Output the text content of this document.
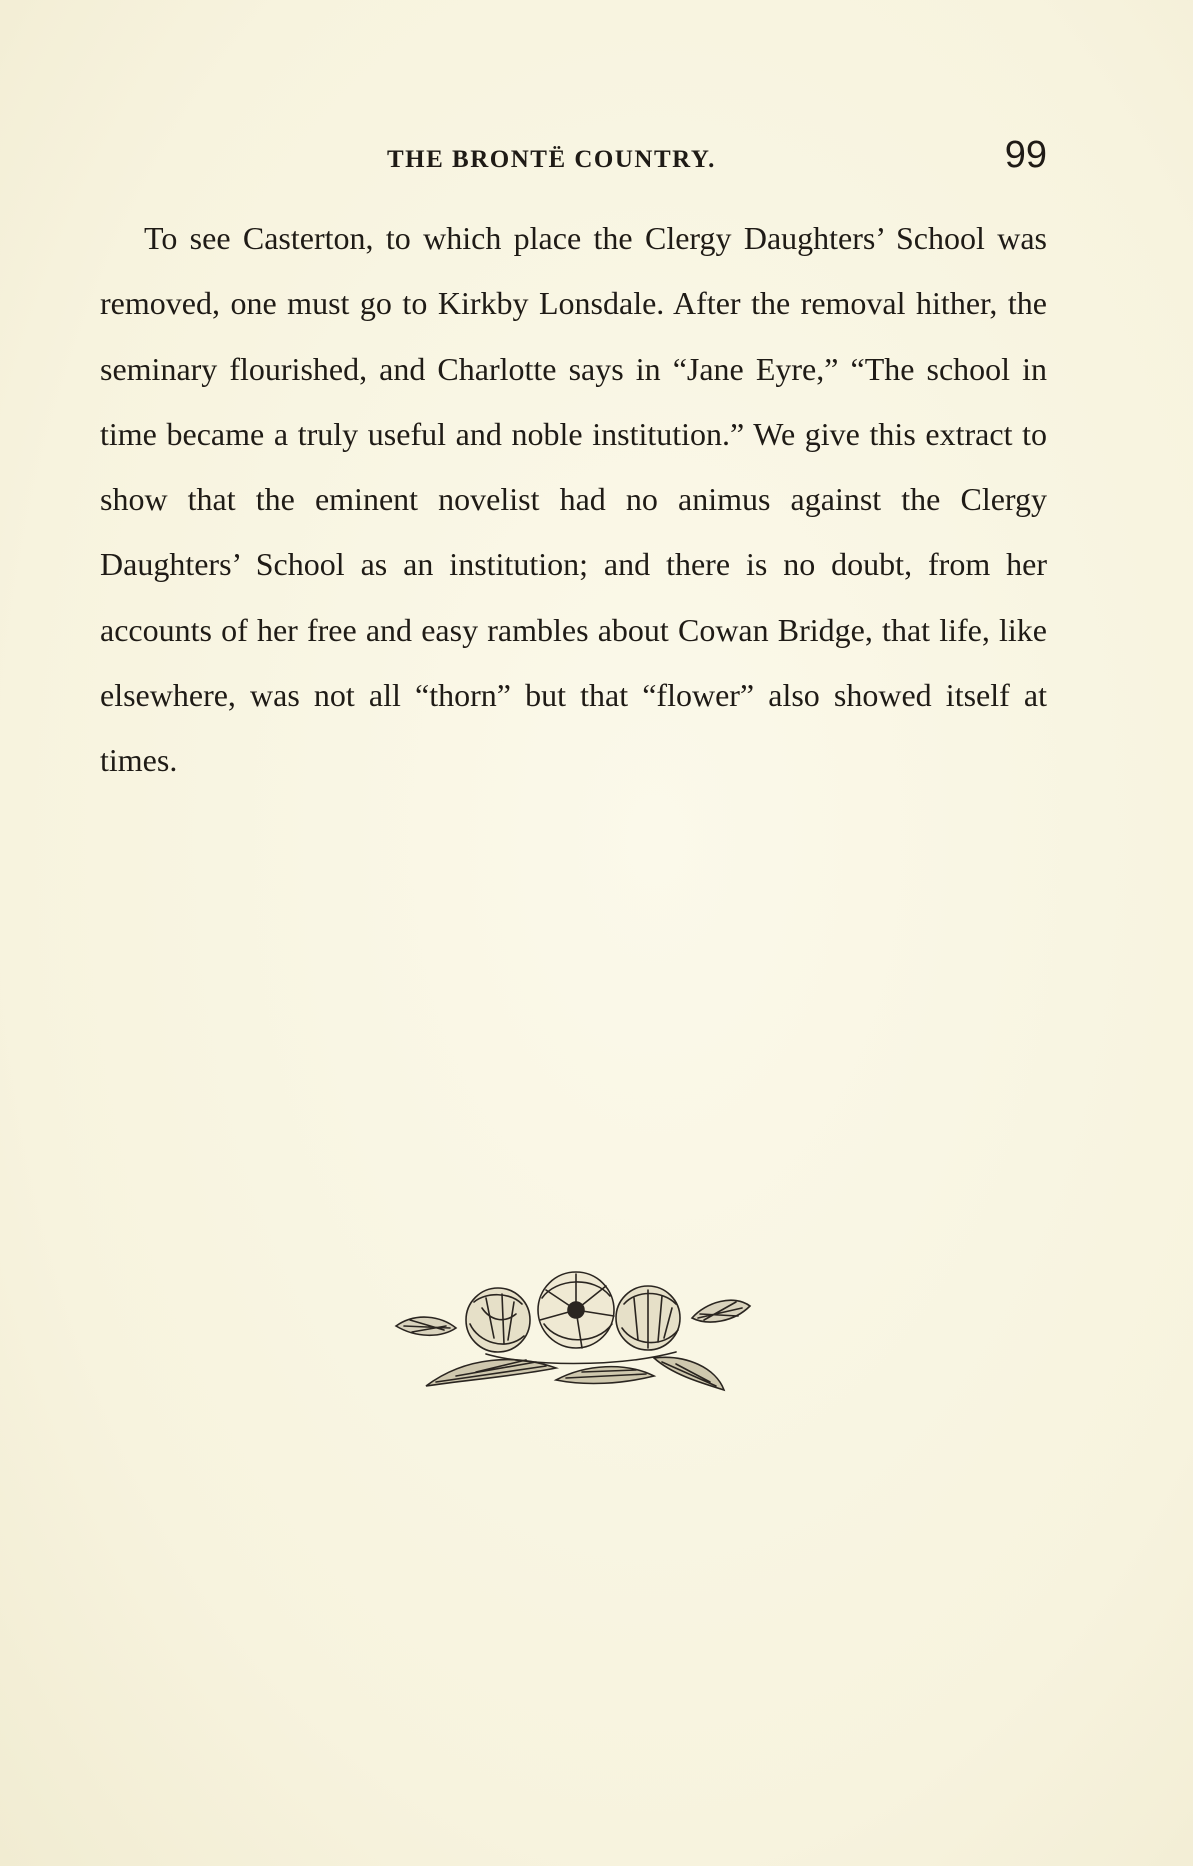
THE BRONTË COUNTRY.	99

To see Casterton, to which place the Clergy Daughters’ School was removed, one must go to Kirkby Lonsdale. After the removal hither, the seminary flourished, and Charlotte says in “Jane Eyre,” “The school in time became a truly useful and noble institution.” We give this extract to show that the eminent novelist had no animus against the Clergy Daughters’ School as an institution; and there is no doubt, from her accounts of her free and easy rambles about Cowan Bridge, that life, like elsewhere, was not all “thorn” but that “flower” also showed itself at times.
